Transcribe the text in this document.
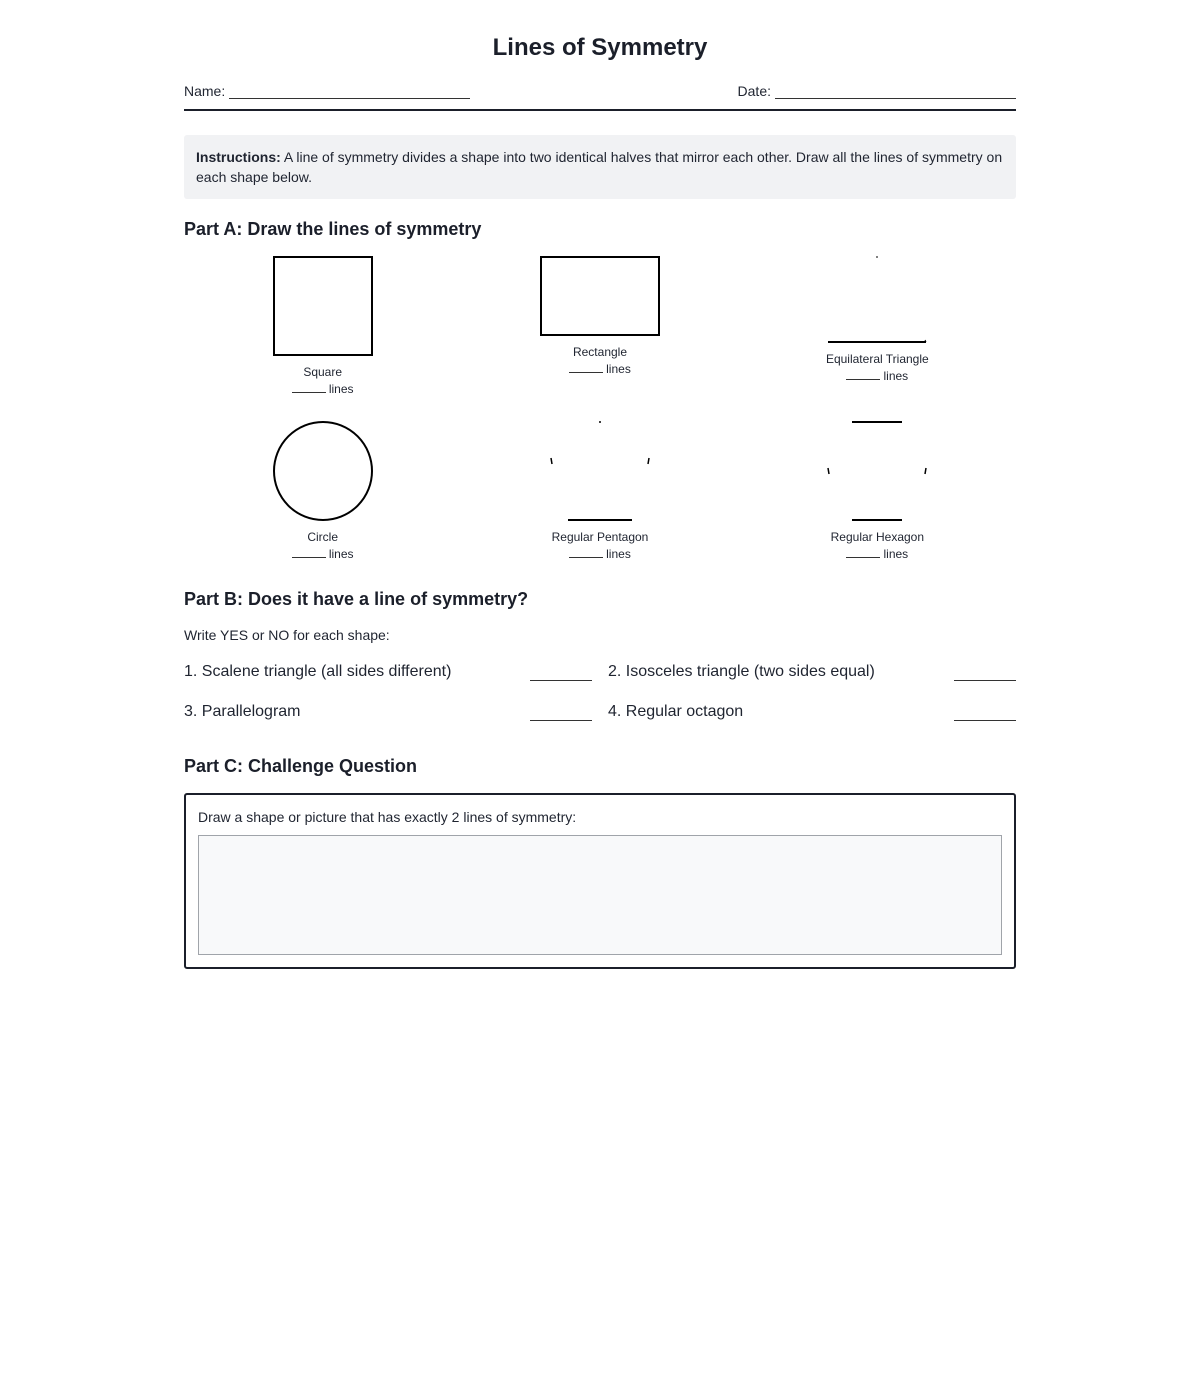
Lines of Symmetry
Name:	Date:
Instructions: A line of symmetry divides a shape into two identical halves that mirror each other. Draw all the lines of symmetry on each shape below.
Part A: Draw the lines of symmetry
Square
lines
Rectangle
lines
Equilateral Triangle
lines
Circle
lines
Regular Pentagon
lines
Regular Hexagon
lines
Part B: Does it have a line of symmetry?
Write YES or NO for each shape:
1. Scalene triangle (all sides different)	2. Isosceles triangle (two sides equal)
3. Parallelogram	4. Regular octagon
Part C: Challenge Question
Draw a shape or picture that has exactly 2 lines of symmetry:
